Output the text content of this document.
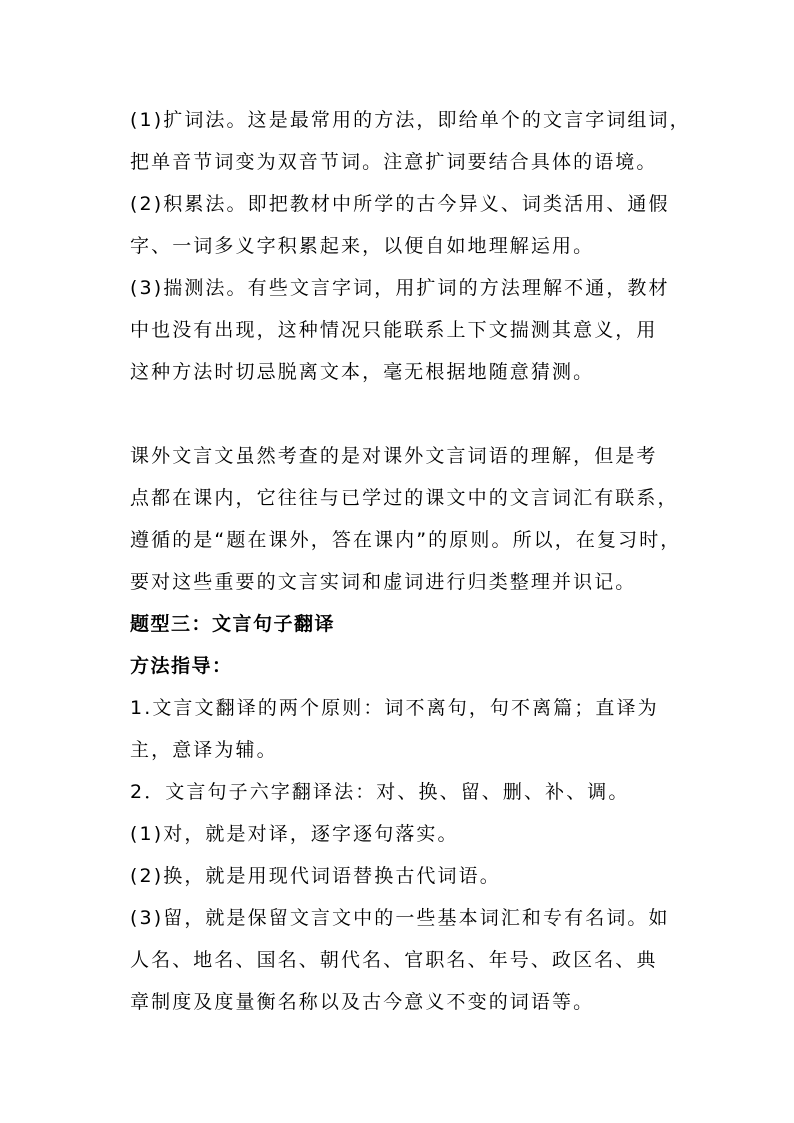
(1)扩词法。这是最常用的方法，即给单个的文言字词组词，
把单音节词变为双音节词。注意扩词要结合具体的语境。
(2)积累法。即把教材中所学的古今异义、词类活用、通假
字、一词多义字积累起来，以便自如地理解运用。
(3)揣测法。有些文言字词，用扩词的方法理解不通，教材
中也没有出现，这种情况只能联系上下文揣测其意义，用
这种方法时切忌脱离文本，毫无根据地随意猜测。
课外文言文虽然考查的是对课外文言词语的理解，但是考
点都在课内，它往往与已学过的课文中的文言词汇有联系，
遵循的是“题在课外，答在课内”的原则。所以，在复习时，
要对这些重要的文言实词和虚词进行归类整理并识记。
题型三：文言句子翻译
方法指导：
1.文言文翻译的两个原则：词不离句，句不离篇；直译为
主，意译为辅。
2．文言句子六字翻译法：对、换、留、删、补、调。
(1)对，就是对译，逐字逐句落实。
(2)换，就是用现代词语替换古代词语。
(3)留，就是保留文言文中的一些基本词汇和专有名词。如
人名、地名、国名、朝代名、官职名、年号、政区名、典
章制度及度量衡名称以及古今意义不变的词语等。
